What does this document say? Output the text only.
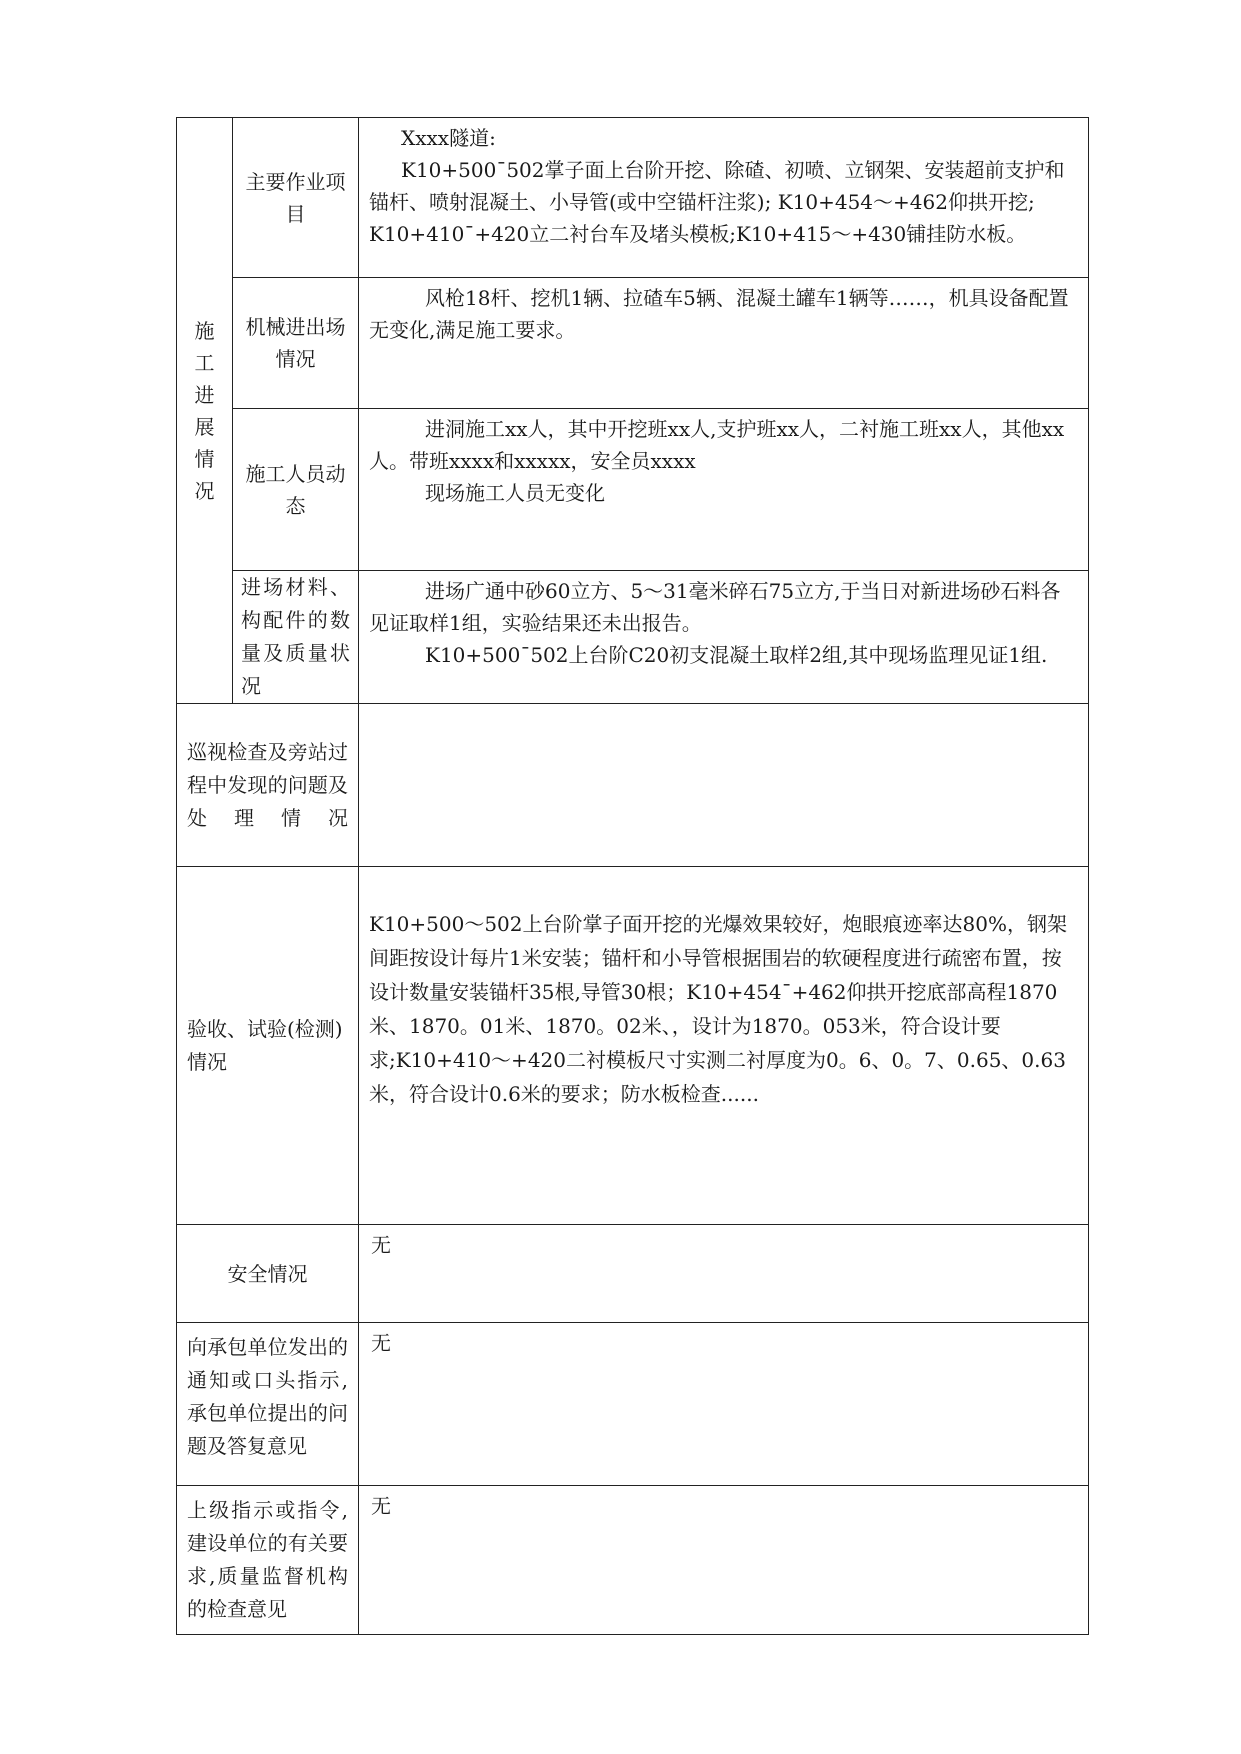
施工进展情况	主要作业项目	Xxxx隧道:

K10+500¯502掌子面上台阶开挖、除碴、初喷、立钢架、安装超前支护和锚杆、喷射混凝土、小导管(或中空锚杆注浆); K10+454～+462仰拱开挖; K10+410¯+420立二衬台车及堵头模板;K10+415～+430铺挂防水板。

	机械进出场情况	风枪18杆、挖机1辆、拉碴车5辆、混凝土罐车1辆等……，机具设备配置无变化,满足施工要求。

	施工人员动态	进洞施工xx人，其中开挖班xx人,支护班xx人，二衬施工班xx人，其他xx人。带班xxxx和xxxxx，安全员xxxx

现场施工人员无变化

	进场材料、构配件的数量及质量状况	进场广通中砂60立方、5～31毫米碎石75立方,于当日对新进场砂石料各见证取样1组，实验结果还未出报告。

K10+500¯502上台阶C20初支混凝土取样2组,其中现场监理见证1组.

巡视检查及旁站过程中发现的问题及处理情况		

验收、试验(检测)情况		K10+500～502上台阶掌子面开挖的光爆效果较好，炮眼痕迹率达80%，钢架间距按设计每片1米安装；锚杆和小导管根据围岩的软硬程度进行疏密布置，按设计数量安装锚杆35根,导管30根；K10+454¯+462仰拱开挖底部高程1870米、1870。01米、1870。02米、，设计为1870。053米，符合设计要求;K10+410～+420二衬模板尺寸实测二衬厚度为0。6、0。7、0.65、0.63米，符合设计0.6米的要求；防水板检查......

安全情况		无

向承包单位发出的通知或口头指示,承包单位提出的问题及答复意见		无

上级指示或指令,建设单位的有关要求,质量监督机构的检查意见		无
